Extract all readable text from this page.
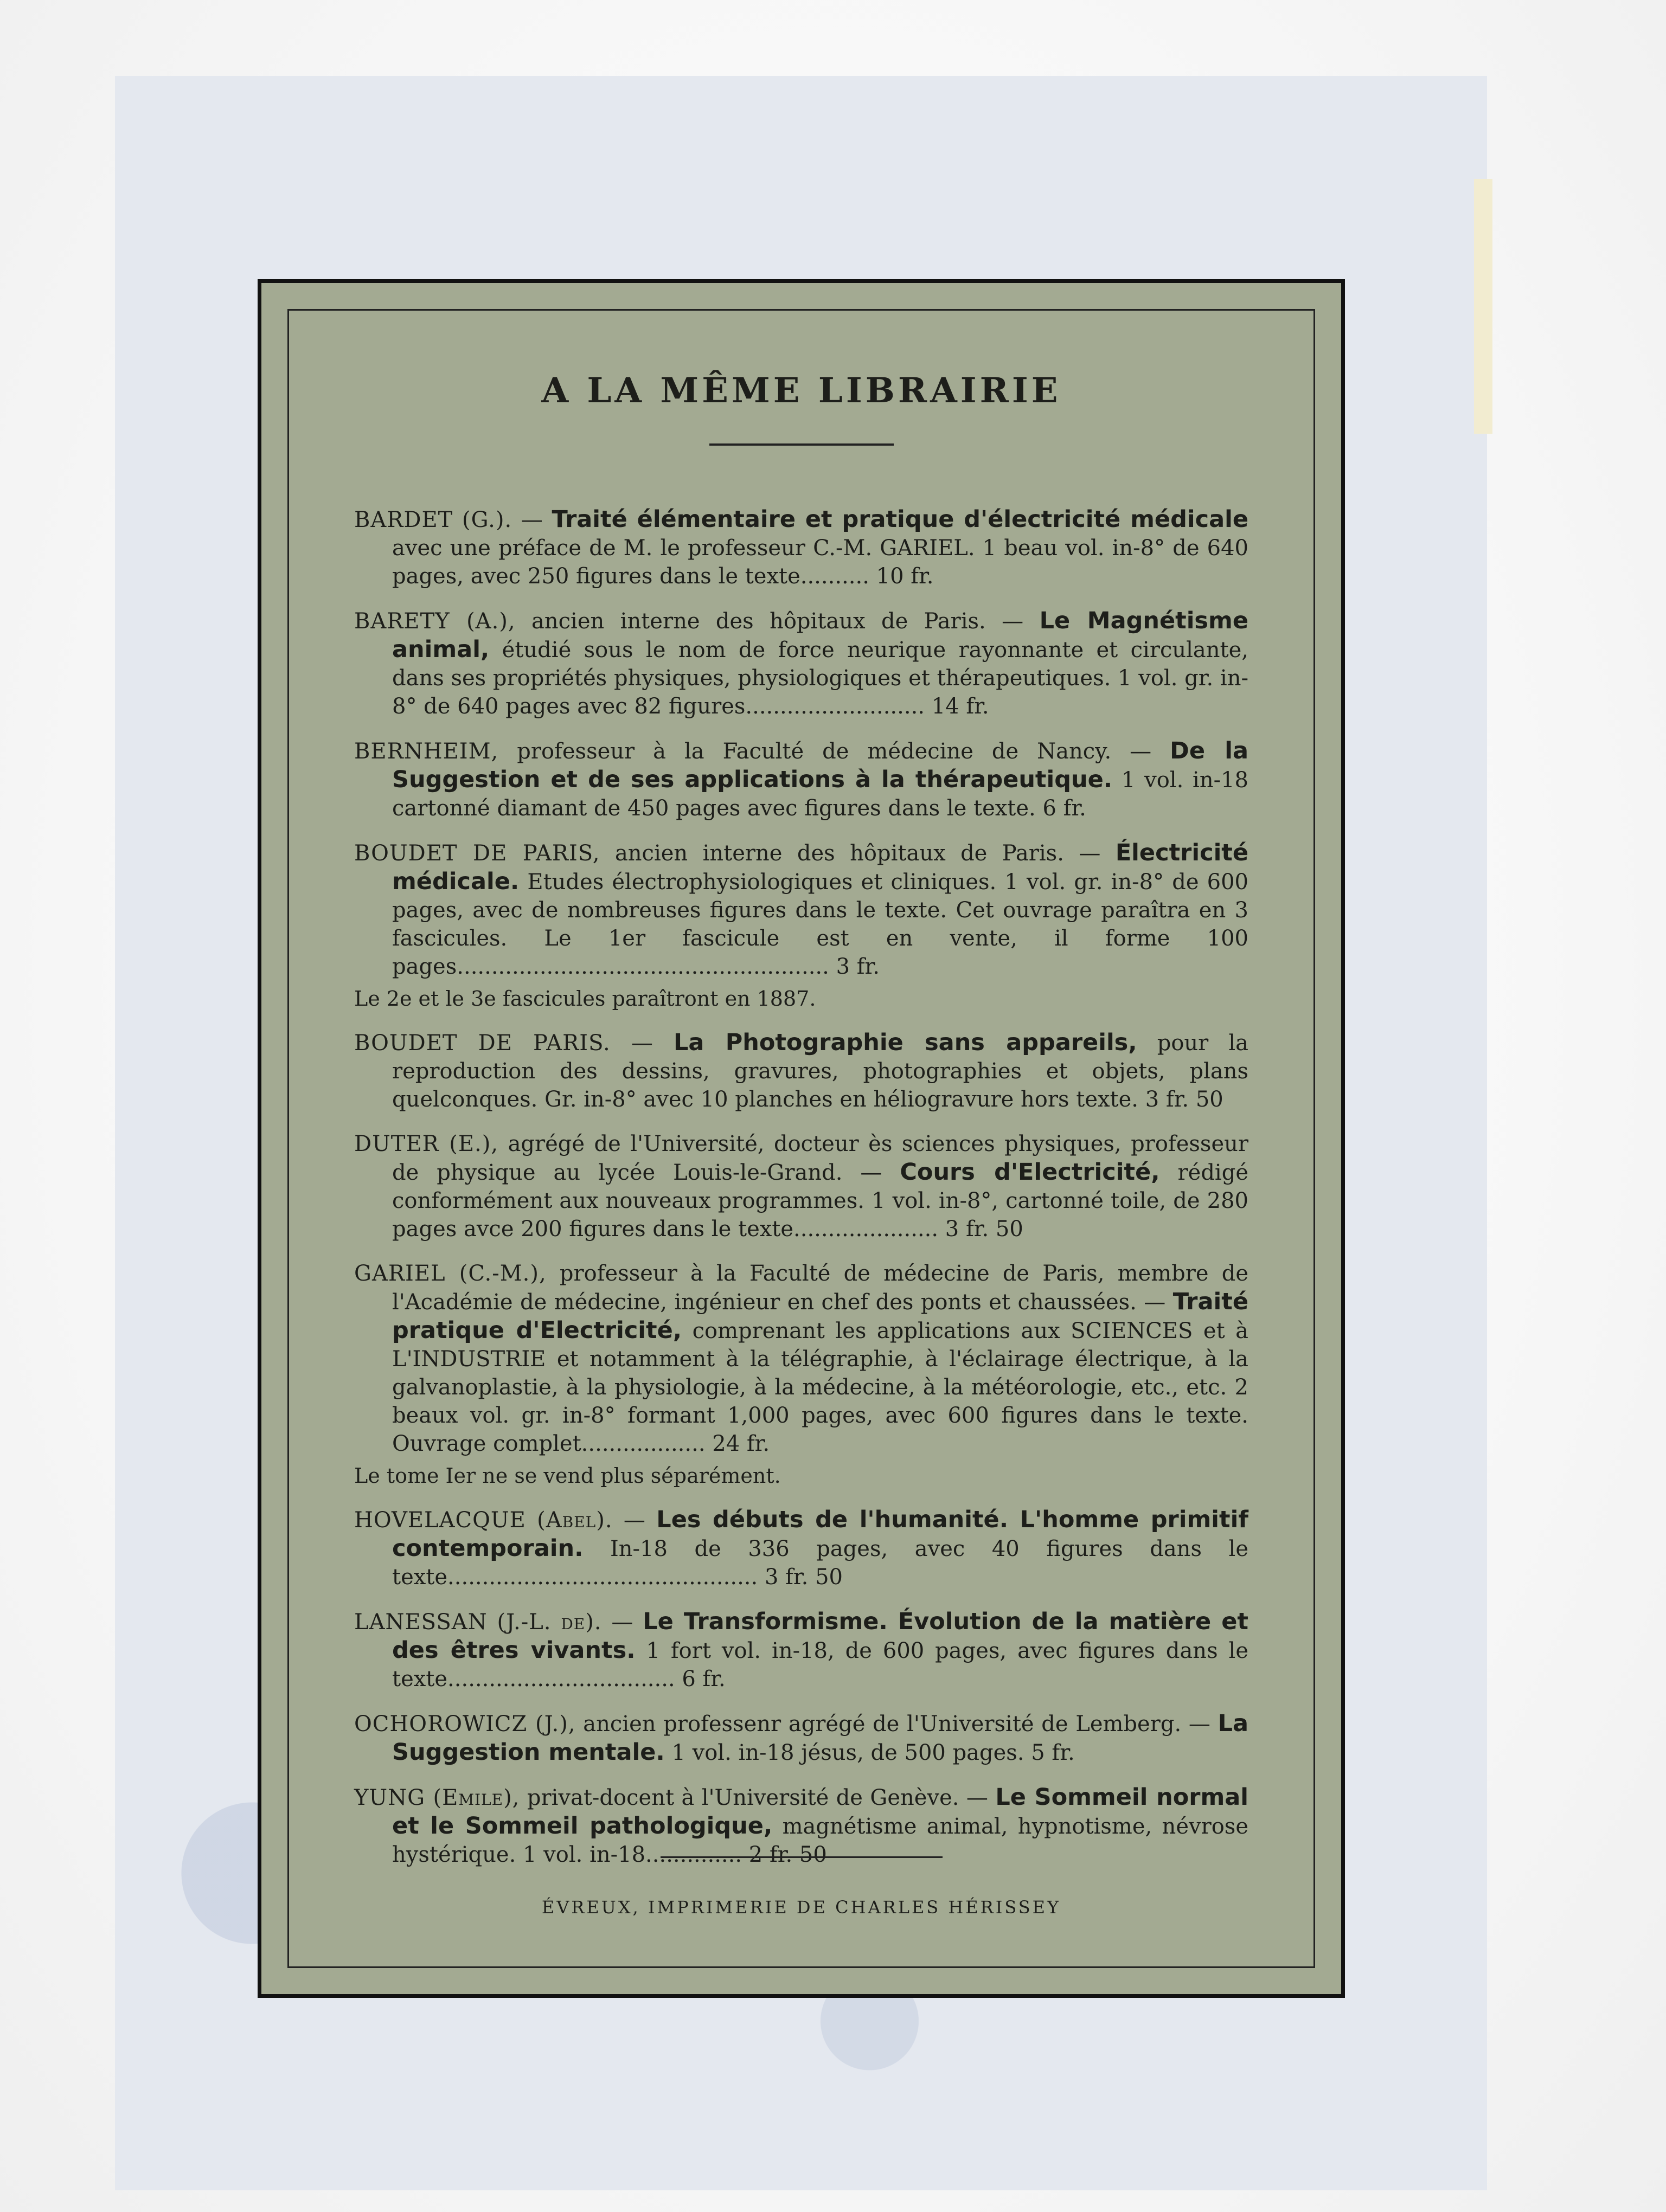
A LA MÊME LIBRAIRIE
BARDET (G.). — Traité élémentaire et pratique d'électricité médicale avec une préface de M. le professeur C.-M. GARIEL. 1 beau vol. in-8° de 640 pages, avec 250 figures dans le texte.......... 10 fr.
BARETY (A.), ancien interne des hôpitaux de Paris. — Le Magnétisme animal, étudié sous le nom de force neurique rayonnante et circulante, dans ses propriétés physiques, physiologiques et thérapeutiques. 1 vol. gr. in-8° de 640 pages avec 82 figures.......................... 14 fr.
BERNHEIM, professeur à la Faculté de médecine de Nancy. — De la Suggestion et de ses applications à la thérapeutique. 1 vol. in-18 cartonné diamant de 450 pages avec figures dans le texte. 6 fr.
BOUDET DE PARIS, ancien interne des hôpitaux de Paris. — Électricité médicale. Etudes électrophysiologiques et cliniques. 1 vol. gr. in-8° de 600 pages, avec de nombreuses figures dans le texte. Cet ouvrage paraîtra en 3 fascicules. Le 1er fascicule est en vente, il forme 100 pages...................................................... 3 fr.
Le 2e et le 3e fascicules paraîtront en 1887.
BOUDET DE PARIS. — La Photographie sans appareils, pour la reproduction des dessins, gravures, photographies et objets, plans quelconques. Gr. in-8° avec 10 planches en héliogravure hors texte. 3 fr. 50
DUTER (E.), agrégé de l'Université, docteur ès sciences physiques, professeur de physique au lycée Louis-le-Grand. — Cours d'Electricité, rédigé conformément aux nouveaux programmes. 1 vol. in-8°, cartonné toile, de 280 pages avce 200 figures dans le texte..................... 3 fr. 50
GARIEL (C.-M.), professeur à la Faculté de médecine de Paris, membre de l'Académie de médecine, ingénieur en chef des ponts et chaussées. — Traité pratique d'Electricité, comprenant les applications aux SCIENCES et à L'INDUSTRIE et notamment à la télégraphie, à l'éclairage électrique, à la galvanoplastie, à la physiologie, à la médecine, à la météorologie, etc., etc. 2 beaux vol. gr. in-8° formant 1,000 pages, avec 600 figures dans le texte. Ouvrage complet.................. 24 fr.
Le tome Ier ne se vend plus séparément.
HOVELACQUE (Abel). — Les débuts de l'humanité. L'homme primitif contemporain. In-18 de 336 pages, avec 40 figures dans le texte............................................. 3 fr. 50
LANESSAN (J.-L. de). — Le Transformisme. Évolution de la matière et des êtres vivants. 1 fort vol. in-18, de 600 pages, avec figures dans le texte................................. 6 fr.
OCHOROWICZ (J.), ancien professenr agrégé de l'Université de Lemberg. — La Suggestion mentale. 1 vol. in-18 jésus, de 500 pages. 5 fr.
YUNG (Emile), privat-docent à l'Université de Genève. — Le Sommeil normal et le Sommeil pathologique, magnétisme animal, hypnotisme, névrose hystérique. 1 vol. in-18.............. 2 fr. 50
ÉVREUX, IMPRIMERIE DE CHARLES HÉRISSEY
